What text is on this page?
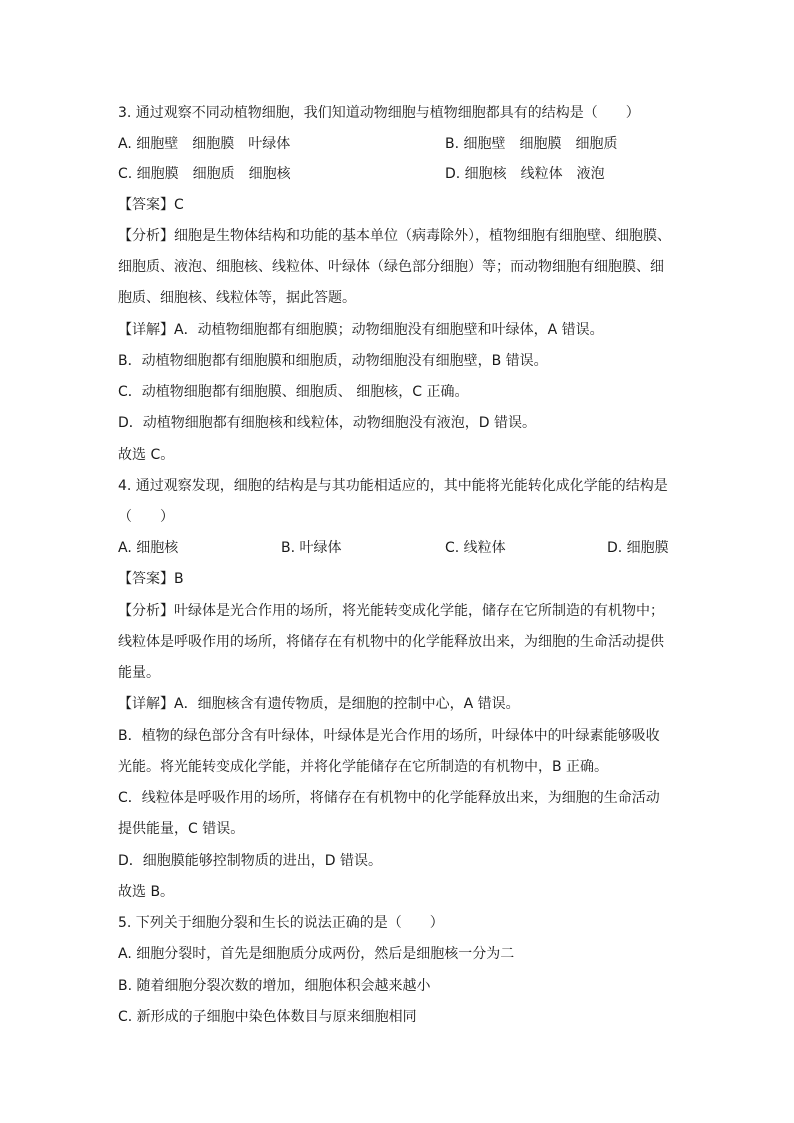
3. 通过观察不同动植物细胞，我们知道动物细胞与植物细胞都具有的结构是（　　）
A. 细胞壁　细胞膜　叶绿体	B. 细胞壁　细胞膜　细胞质
C. 细胞膜　细胞质　细胞核	D. 细胞核　线粒体　液泡
【答案】C
【分析】细胞是生物体结构和功能的基本单位（病毒除外），植物细胞有细胞壁、细胞膜、
细胞质、液泡、细胞核、线粒体、叶绿体（绿色部分细胞）等；而动物细胞有细胞膜、细
胞质、细胞核、线粒体等，据此答题。
【详解】A．动植物细胞都有细胞膜；动物细胞没有细胞壁和叶绿体，A 错误。
B．动植物细胞都有细胞膜和细胞质，动物细胞没有细胞壁，B 错误。
C．动植物细胞都有细胞膜、细胞质、 细胞核，C 正确。
D．动植物细胞都有细胞核和线粒体，动物细胞没有液泡，D 错误。
故选 C。
4. 通过观察发现，细胞的结构是与其功能相适应的，其中能将光能转化成化学能的结构是
（　　）
A. 细胞核	B. 叶绿体	C. 线粒体	D. 细胞膜
【答案】B
【分析】叶绿体是光合作用的场所，将光能转变成化学能，储存在它所制造的有机物中；
线粒体是呼吸作用的场所，将储存在有机物中的化学能释放出来，为细胞的生命活动提供
能量。
【详解】A．细胞核含有遗传物质，是细胞的控制中心，A 错误。
B．植物的绿色部分含有叶绿体，叶绿体是光合作用的场所，叶绿体中的叶绿素能够吸收
光能。将光能转变成化学能，并将化学能储存在它所制造的有机物中，B 正确。
C．线粒体是呼吸作用的场所，将储存在有机物中的化学能释放出来，为细胞的生命活动
提供能量，C 错误。
D．细胞膜能够控制物质的进出，D 错误。
故选 B。
5. 下列关于细胞分裂和生长的说法正确的是（　　）
A. 细胞分裂时，首先是细胞质分成两份，然后是细胞核一分为二
B. 随着细胞分裂次数的增加，细胞体积会越来越小
C. 新形成的子细胞中染色体数目与原来细胞相同
